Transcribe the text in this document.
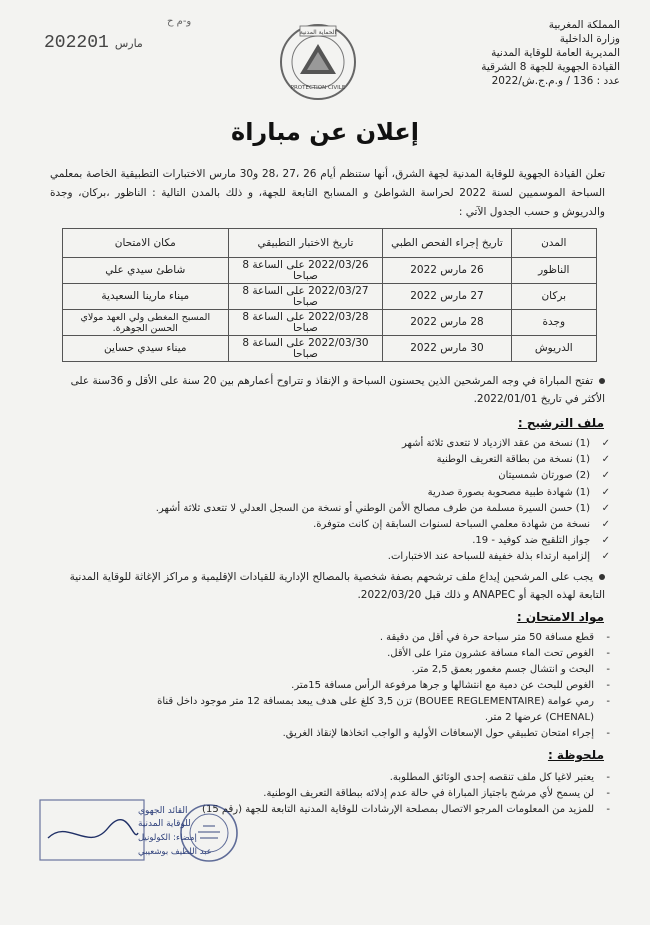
المملكة المغربية
وزارة الداخلية
المديرية العامة للوقاية المدنية
القيادة الجهوية للجهة 8 الشرقية
عدد : 136 / و.م.ج.ش/2022
و-م ح
2022	مارس01
الحماية المدنية
PROTECTION CIVILE
إعلان عن مباراة
تعلن القيادة الجهوية للوقاية المدنية لجهة الشرق، أنها ستنظم أيام 26 ،27 ،28 و30 مارس الاختبارات التطبيقية الخاصة بمعلمي السباحة الموسميين لسنة 2022 لحراسة الشواطئ و المسابح التابعة للجهة، و ذلك بالمدن التالية : الناظور ،بركان، وجدة والدريوش و حسب الجدول الآتي :
المدن	تاريخ إجراء الفحص الطبي	تاريخ الاختبار التطبيقي	مكان الامتحان
الناظور	26 مارس 2022	2022/03/26 على الساعة 8 صباحا	شاطئ سيدي علي
بركان	27 مارس 2022	2022/03/27 على الساعة 8 صباحا	ميناء مارينا السعيدية
وجدة	28 مارس 2022	2022/03/28 على الساعة 8 صباحا	المسبح المغطى ولي العهد مولاي الحسن الجوهرة.
الدريوش	30 مارس 2022	2022/03/30 على الساعة 8 صباحا	ميناء سيدي حساين
تفتح المباراة في وجه المرشحين الذين يحسنون السباحة و الإنقاذ و تتراوح أعمارهم بين 20 سنة على الأقل و 36سنة على الأكثر في تاريخ 2022/01/01.
ملف الترشيح :
✓(1) نسخة من عقد الازدياد لا تتعدى ثلاثة أشهر
✓(1) نسخة من بطاقة التعريف الوطنية
✓(2) صورتان شمسيتان
✓(1) شهادة طبية مصحوبة بصورة صدرية
✓(1) حسن السيرة مسلمة من طرف مصالح الأمن الوطني أو نسخة من السجل العدلي لا تتعدى ثلاثة أشهر.
✓نسخة من شهادة معلمي السباحة لسنوات السابقة إن كانت متوفرة.
✓جواز التلقيح ضد كوفيد - 19.
✓إلزامية ارتداء بذلة خفيفة للسباحة عند الاختبارات.
يجب على المرشحين إيداع ملف ترشحهم بصفة شخصية بالمصالح الإدارية للقيادات الإقليمية و مراكز الإغاثة للوقاية المدنية التابعة لهذه الجهة أو ANAPEC و ذلك قبل 2022/03/20.
مواد الامتحان :
-قطع مسافة 50 متر سباحة حرة في أقل من دقيقة .
-الغوص تحت الماء مسافة عشرون مترا على الأقل.
-البحث و انتشال جسم مغمور بعمق 2,5 متر.
-الغوص للبحث عن دمية مع انتشالها و جرها مرفوعة الرأس مسافة 15متر.
-رمي عوامة (BOUEE REGLEMENTAIRE) تزن 3,5 كلغ على هدف يبعد بمسافة 12 متر موجود داخل قناة
(CHENAL) عرضها 2 متر.
-إجراء امتحان تطبيقي حول الإسعافات الأولية و الواجب اتخاذها لإنقاذ الغريق.
ملحوظة :
-يعتبر لاغيا كل ملف تنقصه إحدى الوثائق المطلوبة.
-لن يسمح لأي مرشح باجتياز المباراة في حالة عدم إدلائه ببطاقة التعريف الوطنية.
-للمزيد من المعلومات المرجو الاتصال بمصلحة الإرشادات للوقاية المدنية التابعة للجهة (رقم 15)
القائد الجهوي
للوقاية المدنية
إمضاء: الكولونيل
عبد اللطيف بوشعيبي
